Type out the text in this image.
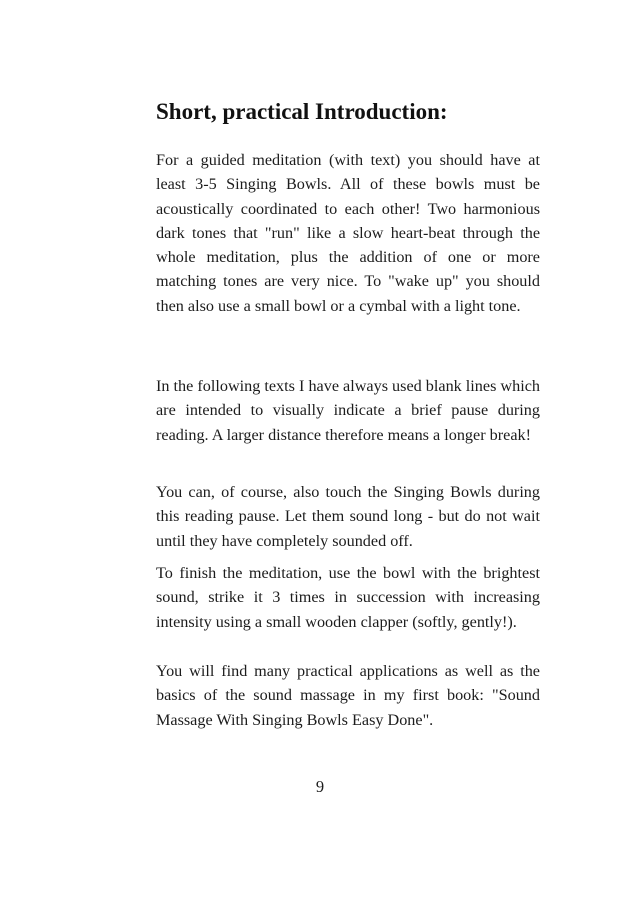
Short, practical Introduction:

For a guided meditation (with text) you should have at least 3-5 Singing Bowls. All of these bowls must be acoustically coordinated to each other! Two harmonious dark tones that "run" like a slow heart-beat through the whole meditation, plus the addition of one or more matching tones are very nice. To "wake up" you should then also use a small bowl or a cymbal with a light tone.

In the following texts I have always used blank lines which are intended to visually indicate a brief pause during reading. A larger distance therefore means a longer break!

You can, of course, also touch the Singing Bowls during this reading pause. Let them sound long - but do not wait until they have completely sounded off.

To finish the meditation, use the bowl with the brightest sound, strike it 3 times in succession with increasing intensity using a small wooden clapper (softly, gently!).

You will find many practical applications as well as the basics of the sound massage in my first book: "Sound Massage With Singing Bowls Easy Done".

9
